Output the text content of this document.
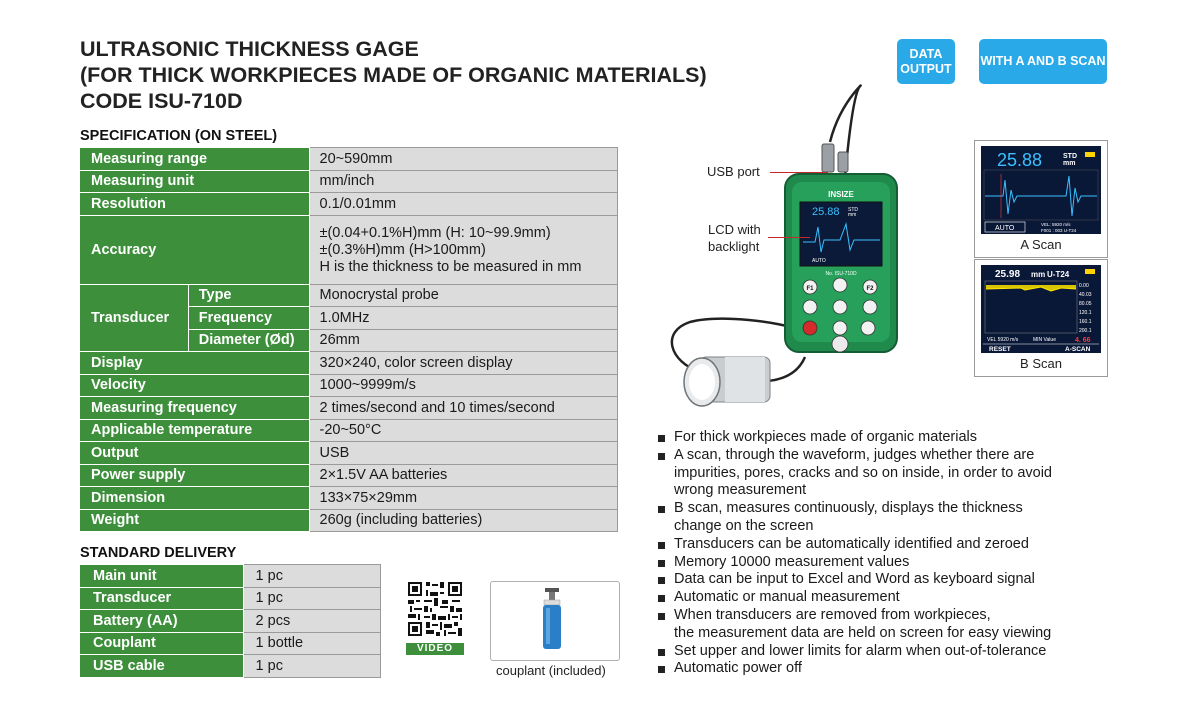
ULTRASONIC THICKNESS GAGE
(FOR THICK WORKPIECES MADE OF ORGANIC MATERIALS)
CODE ISU-710D
DATA
OUTPUT
WITH A AND B SCAN
SPECIFICATION (ON STEEL)
Measuring range		20~590mm
Measuring unit		mm/inch
Resolution		0.1/0.01mm
Accuracy		±(0.04+0.1%H)mm (H: 10~99.9mm)
±(0.3%H)mm (H>100mm)
H is the thickness to be measured in mm

Transducer	Type	Monocrystal probe
	Frequency	1.0MHz
	Diameter (Ød)	26mm
Display		320×240, color screen display
Velocity		1000~9999m/s
Measuring frequency		2 times/second and 10 times/second
Applicable temperature		-20~50°C
Output		USB
Power supply		2×1.5V AA batteries
Dimension		133×75×29mm
Weight		260g (including batteries)
STANDARD DELIVERY
Main unit	1 pc
Transducer	1 pc
Battery (AA)	2 pcs
Couplant	1 bottle
USB cable	1 pc
VIDEO
couplant (included)
INSIZE
25.88 STD
mm
AUTO
No. ISU-710D
F1	F2
USB port
LCD with
backlight
25.88	STD
mm
AUTO
VEL: 5920 m/s
F001 : 003 U-T24
A Scan
25.98 mm U-T24
0.00
40.03
80.05
120.1
160.1
200.1
VEL 5920 m/s	MIN Value	4. 66
RESET	A-SCAN
B Scan
For thick workpieces made of organic materials
A scan, through the waveform, judges whether there are
impurities, pores, cracks and so on inside, in order to avoid
wrong measurement
B scan, measures continuously, displays the thickness
change on the screen
Transducers can be automatically identified and zeroed
Memory 10000 measurement values
Data can be input to Excel and Word as keyboard signal
Automatic or manual measurement
When transducers are removed from workpieces,
the measurement data are held on screen for easy viewing
Set upper and lower limits for alarm when out-of-tolerance
Automatic power off
